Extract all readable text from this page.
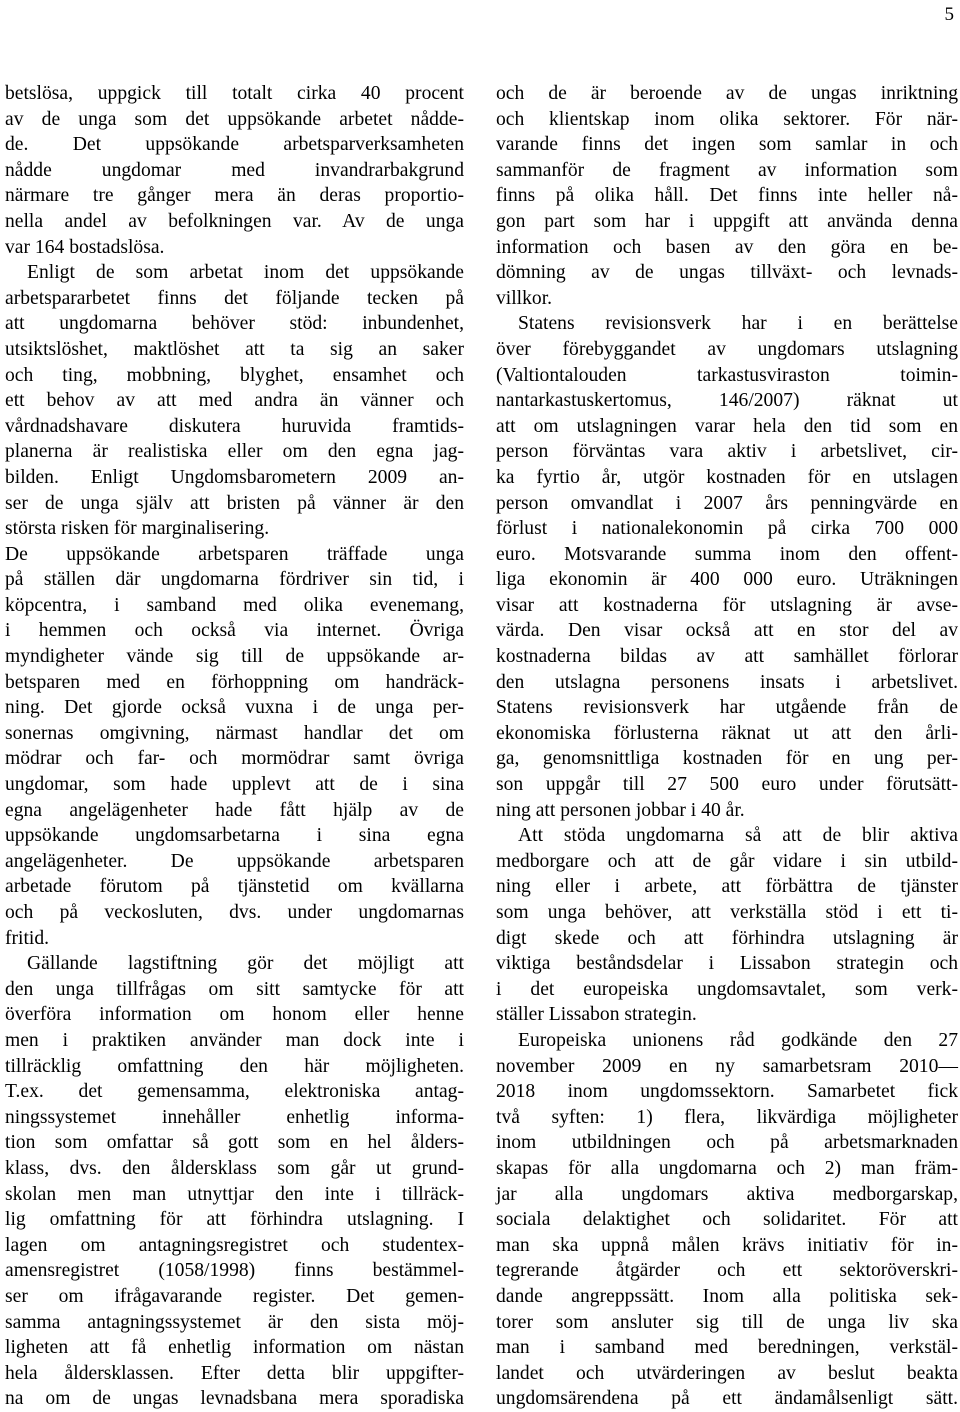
5
betslösa, uppgick till totalt cirka 40 procent
av de unga som det uppsökande arbetet nådde-
de. Det uppsökande arbetsparverksamheten
nådde ungdomar med invandrarbakgrund
närmare tre gånger mera än deras proportio-
nella andel av befolkningen var. Av de unga
var 164 bostadslösa.
Enligt de som arbetat inom det uppsökande
arbetspararbetet finns det följande tecken på
att ungdomarna behöver stöd: inbundenhet,
utsiktslöshet, maktlöshet att ta sig an saker
och ting, mobbning, blyghet, ensamhet och
ett behov av att med andra än vänner och
vårdnadshavare diskutera huruvida framtids-
planerna är realistiska eller om den egna jag-
bilden. Enligt Ungdomsbarometern 2009 an-
ser de unga själv att bristen på vänner är den
största risken för marginalisering.
De uppsökande arbetsparen träffade unga
på ställen där ungdomarna fördriver sin tid, i
köpcentra, i samband med olika evenemang,
i hemmen och också via internet. Övriga
myndigheter vände sig till de uppsökande ar-
betsparen med en förhoppning om handräck-
ning. Det gjorde också vuxna i de unga per-
sonernas omgivning, närmast handlar det om
mödrar och far- och mormödrar samt övriga
ungdomar, som hade upplevt att de i sina
egna angelägenheter hade fått hjälp av de
uppsökande ungdomsarbetarna i sina egna
angelägenheter. De uppsökande arbetsparen
arbetade förutom på tjänstetid om kvällarna
och på veckosluten, dvs. under ungdomarnas
fritid.
Gällande lagstiftning gör det möjligt att
den unga tillfrågas om sitt samtycke för att
överföra information om honom eller henne
men i praktiken använder man dock inte i
tillräcklig omfattning den här möjligheten.
T.ex. det gemensamma, elektroniska antag-
ningssystemet innehåller enhetlig informa-
tion som omfattar så gott som en hel ålders-
klass, dvs. den åldersklass som går ut grund-
skolan men man utnyttjar den inte i tillräck-
lig omfattning för att förhindra utslagning. I
lagen om antagningsregistret och studentex-
amensregistret (1058/1998) finns bestämmel-
ser om ifrågavarande register. Det gemen-
samma antagningssystemet är den sista möj-
ligheten att få enhetlig information om nästan
hela åldersklassen. Efter detta blir uppgifter-
na om de ungas levnadsbana mera sporadiska
och de är beroende av de ungas inriktning
och klientskap inom olika sektorer. För när-
varande finns det ingen som samlar in och
sammanför de fragment av information som
finns på olika håll. Det finns inte heller nå-
gon part som har i uppgift att använda denna
information och basen av den göra en be-
dömning av de ungas tillväxt- och levnads-
villkor.
Statens revisionsverk har i en berättelse
över förebyggandet av ungdomars utslagning
(Valtiontalouden tarkastusviraston toimin-
nantarkastuskertomus, 146/2007) räknat ut
att om utslagningen varar hela den tid som en
person förväntas vara aktiv i arbetslivet, cir-
ka fyrtio år, utgör kostnaden för en utslagen
person omvandlat i 2007 års penningvärde en
förlust i nationalekonomin på cirka 700 000
euro. Motsvarande summa inom den offent-
liga ekonomin är 400 000 euro. Uträkningen
visar att kostnaderna för utslagning är avse-
värda. Den visar också att en stor del av
kostnaderna bildas av att samhället förlorar
den utslagna personens insats i arbetslivet.
Statens revisionsverk har utgående från de
ekonomiska förlusterna räknat ut att den årli-
ga, genomsnittliga kostnaden för en ung per-
son uppgår till 27 500 euro under förutsätt-
ning att personen jobbar i 40 år.
Att stöda ungdomarna så att de blir aktiva
medborgare och att de går vidare i sin utbild-
ning eller i arbete, att förbättra de tjänster
som unga behöver, att verkställa stöd i ett ti-
digt skede och att förhindra utslagning är
viktiga beståndsdelar i Lissabon strategin och
i det europeiska ungdomsavtalet, som verk-
ställer Lissabon strategin.
Europeiska unionens råd godkände den 27
november 2009 en ny samarbetsram 2010—
2018 inom ungdomssektorn. Samarbetet fick
två syften: 1) flera, likvärdiga möjligheter
inom utbildningen och på arbetsmarknaden
skapas för alla ungdomarna och 2) man främ-
jar alla ungdomars aktiva medborgarskap,
sociala delaktighet och solidaritet. För att
man ska uppnå målen krävs initiativ för in-
tegrerande åtgärder och ett sektoröverskri-
dande angreppssätt. Inom alla politiska sek-
torer som ansluter sig till de unga liv ska
man i samband med beredningen, verkstäl-
landet och utvärderingen av beslut beakta
ungdomsärendena på ett ändamålsenligt sätt.
